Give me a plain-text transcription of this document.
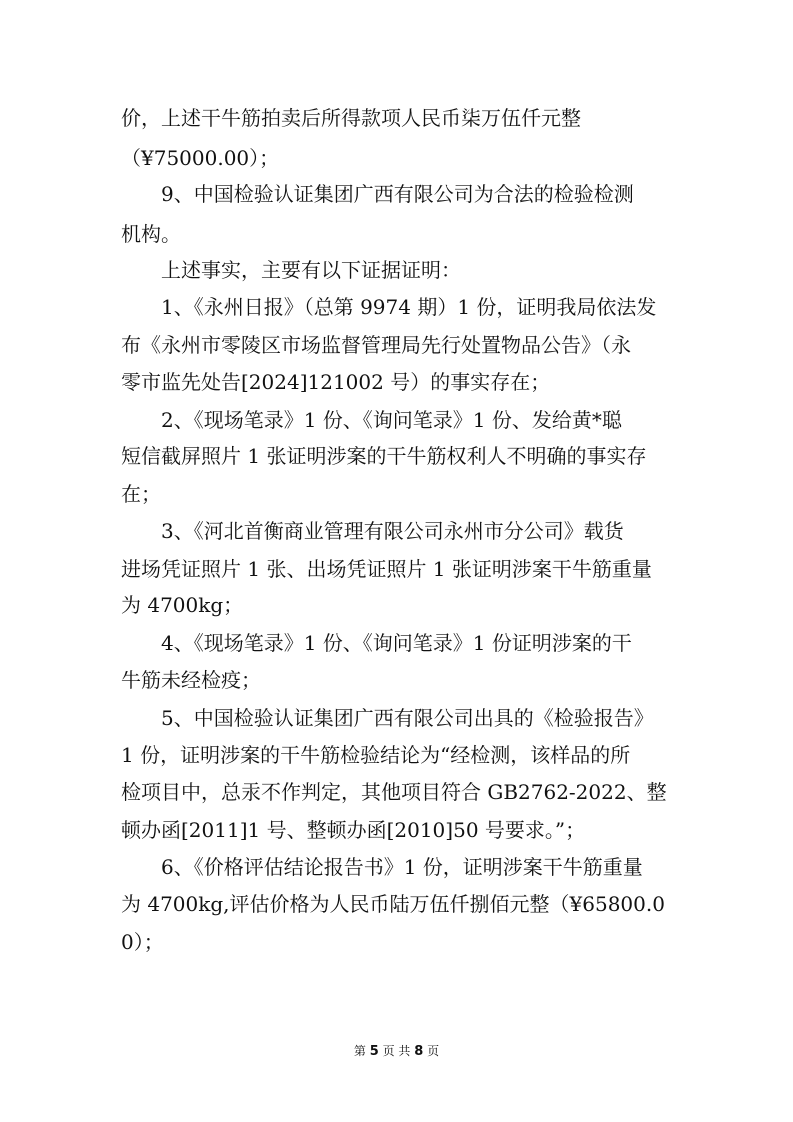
价，上述干牛筋拍卖后所得款项人民币柒万伍仟元整
（¥75000.00）；
9、中国检验认证集团广西有限公司为合法的检验检测
机构。
上述事实，主要有以下证据证明：
1、《永州日报》（总第 9974 期）1 份，证明我局依法发
布《永州市零陵区市场监督管理局先行处置物品公告》（永
零市监先处告[2024]121002 号）的事实存在；
2、《现场笔录》1 份、《询问笔录》1 份、发给黄*聪
短信截屏照片 1 张证明涉案的干牛筋权利人不明确的事实存
在；
3、《河北首衡商业管理有限公司永州市分公司》载货
进场凭证照片 1 张、出场凭证照片 1 张证明涉案干牛筋重量
为 4700kg；
4、《现场笔录》1 份、《询问笔录》1 份证明涉案的干
牛筋未经检疫；
5、中国检验认证集团广西有限公司出具的《检验报告》
1 份，证明涉案的干牛筋检验结论为“经检测，该样品的所
检项目中，总汞不作判定，其他项目符合 GB2762-2022、整
顿办函[2011]1 号、整顿办函[2010]50 号要求。”；
6、《价格评估结论报告书》1 份，证明涉案干牛筋重量
为 4700kg,评估价格为人民币陆万伍仟捌佰元整（¥65800.0
0）；
第 5 页 共 8 页
